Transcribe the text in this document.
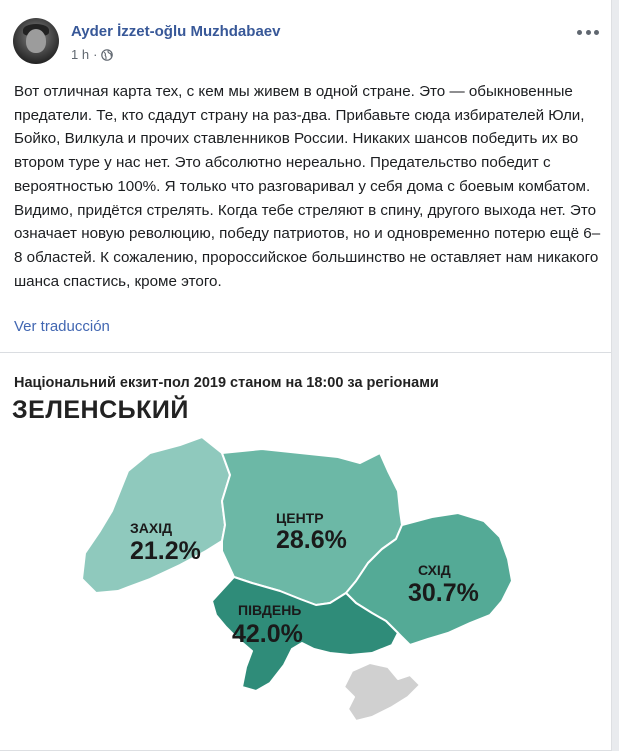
Ayder İzzet-oğlu Muzhdabaev
1 h ·

Вот отличная карта тех, с кем мы живем в одной стране. Это — обыкновенные предатели. Те, кто сдадут страну на раз-два. Прибавьте сюда избирателей Юли, Бойко, Вилкула и прочих ставленников России. Никаких шансов победить их во втором туре у нас нет. Это абсолютно нереально. Предательство победит с вероятностью 100%. Я только что разговаривал у себя дома с боевым комбатом. Видимо, придётся стрелять. Когда тебе стреляют в спину, другого выхода нет. Это означает новую революцию, победу патриотов, но и одновременно потерю ещё 6–8 областей. К сожалению, пророссийское большинство не оставляет нам никакого шанса спастись, кроме этого.

Ver traducción
Національний екзит-пол 2019 станом на 18:00 за регіонами
ЗЕЛЕНСЬКИЙ
ЗАХІД
21.2%
ЦЕНТР
28.6%
СХІД
30.7%
ПІВДЕНЬ
42.0%
